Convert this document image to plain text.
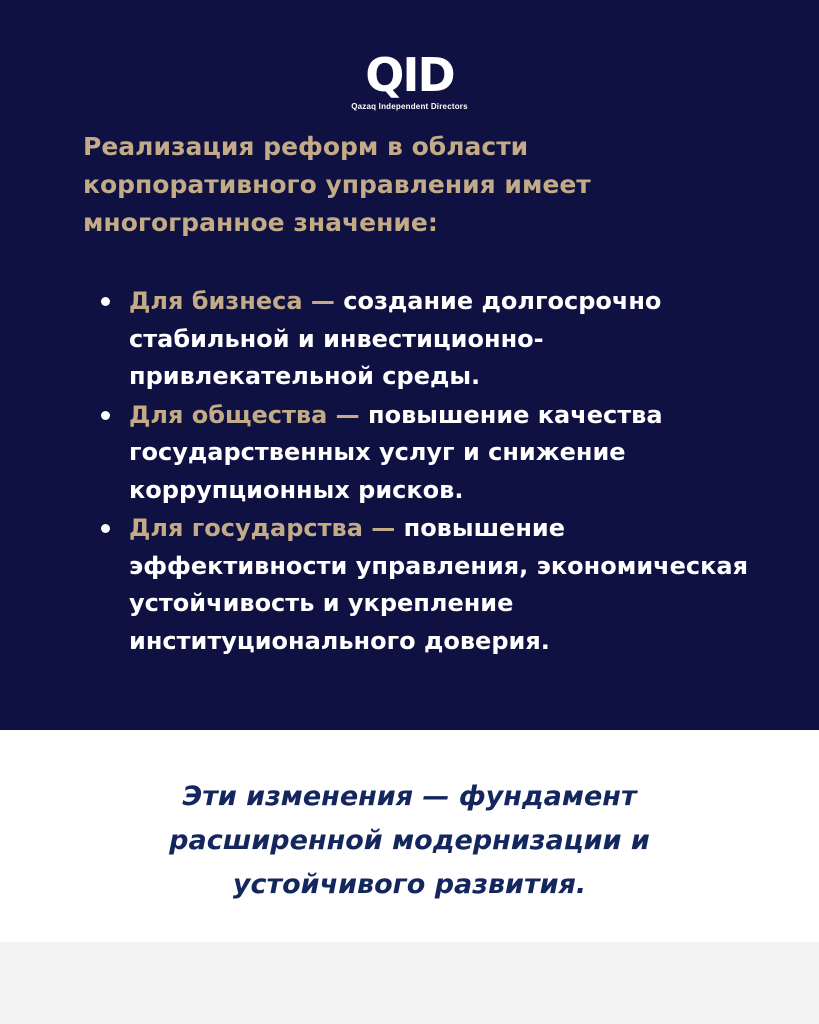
QID
Qazaq Independent Directors

Реализация реформ в области корпоративного управления имеет многогранное значение:

Для бизнеса — создание долгосрочно стабильной и инвестиционно-привлекательной среды.
Для общества — повышение качества государственных услуг и снижение коррупционных рисков.
Для государства — повышение эффективности управления, экономическая устойчивость и укрепление институционального доверия.

Эти изменения — фундамент расширенной модернизации и устойчивого развития.
